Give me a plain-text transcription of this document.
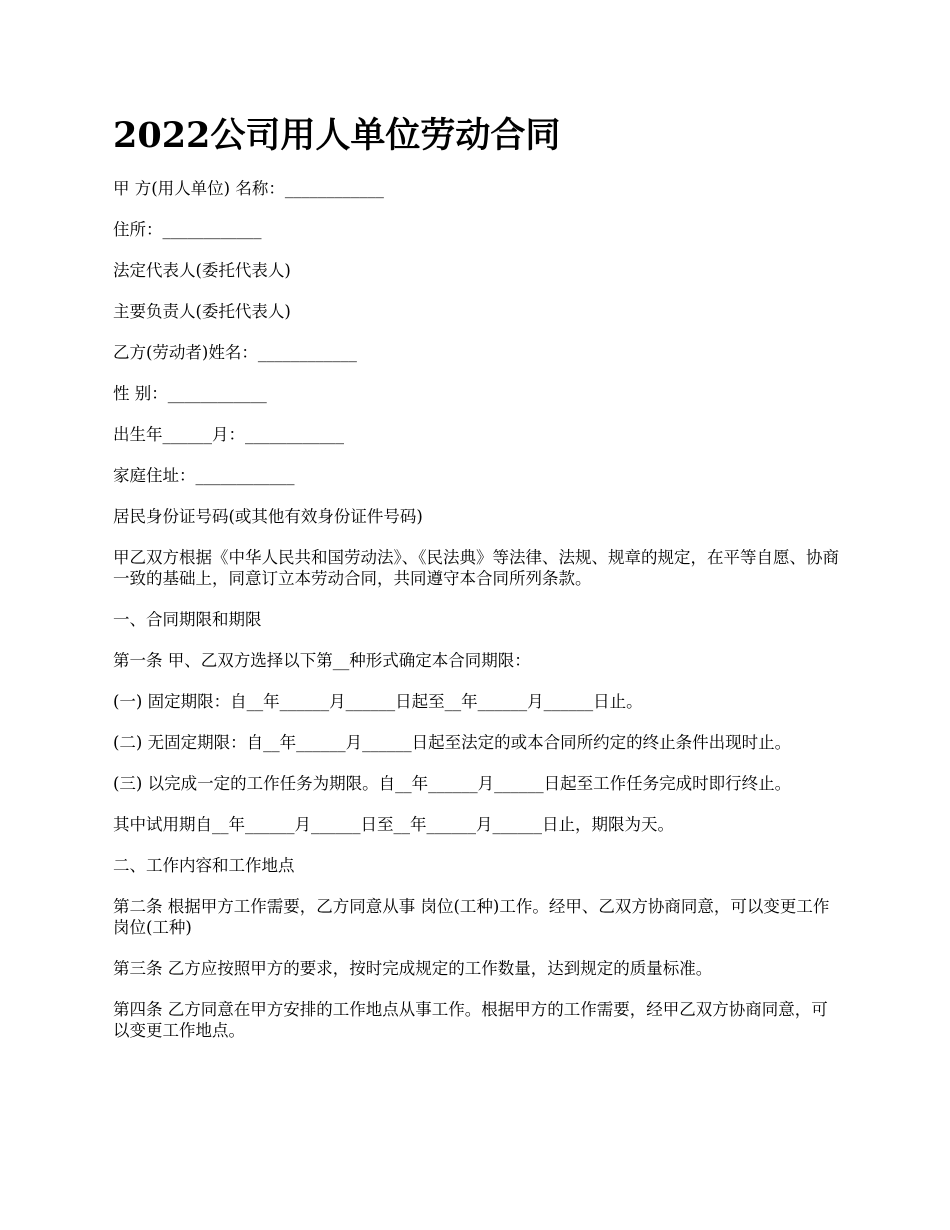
2022公司用人单位劳动合同
甲 方(用人单位) 名称：____________
住所：____________
法定代表人(委托代表人)
主要负责人(委托代表人)
乙方(劳动者)姓名：____________
性 别：____________
出生年______月：____________
家庭住址：____________
居民身份证号码(或其他有效身份证件号码)
甲乙双方根据《中华人民共和国劳动法》、《民法典》等法律、法规、规章的规定，在平等自愿、协商一致的基础上，同意订立本劳动合同，共同遵守本合同所列条款。
一、合同期限和期限
第一条 甲、乙双方选择以下第__种形式确定本合同期限：
(一) 固定期限：自__年______月______日起至__年______月______日止。
(二) 无固定期限：自__年______月______日起至法定的或本合同所约定的终止条件出现时止。
(三) 以完成一定的工作任务为期限。自__年______月______日起至工作任务完成时即行终止。
其中试用期自__年______月______日至__年______月______日止，期限为天。
二、工作内容和工作地点
第二条 根据甲方工作需要，乙方同意从事 岗位(工种)工作。经甲、乙双方协商同意，可以变更工作岗位(工种)
第三条 乙方应按照甲方的要求，按时完成规定的工作数量，达到规定的质量标准。
第四条 乙方同意在甲方安排的工作地点从事工作。根据甲方的工作需要，经甲乙双方协商同意，可以变更工作地点。
